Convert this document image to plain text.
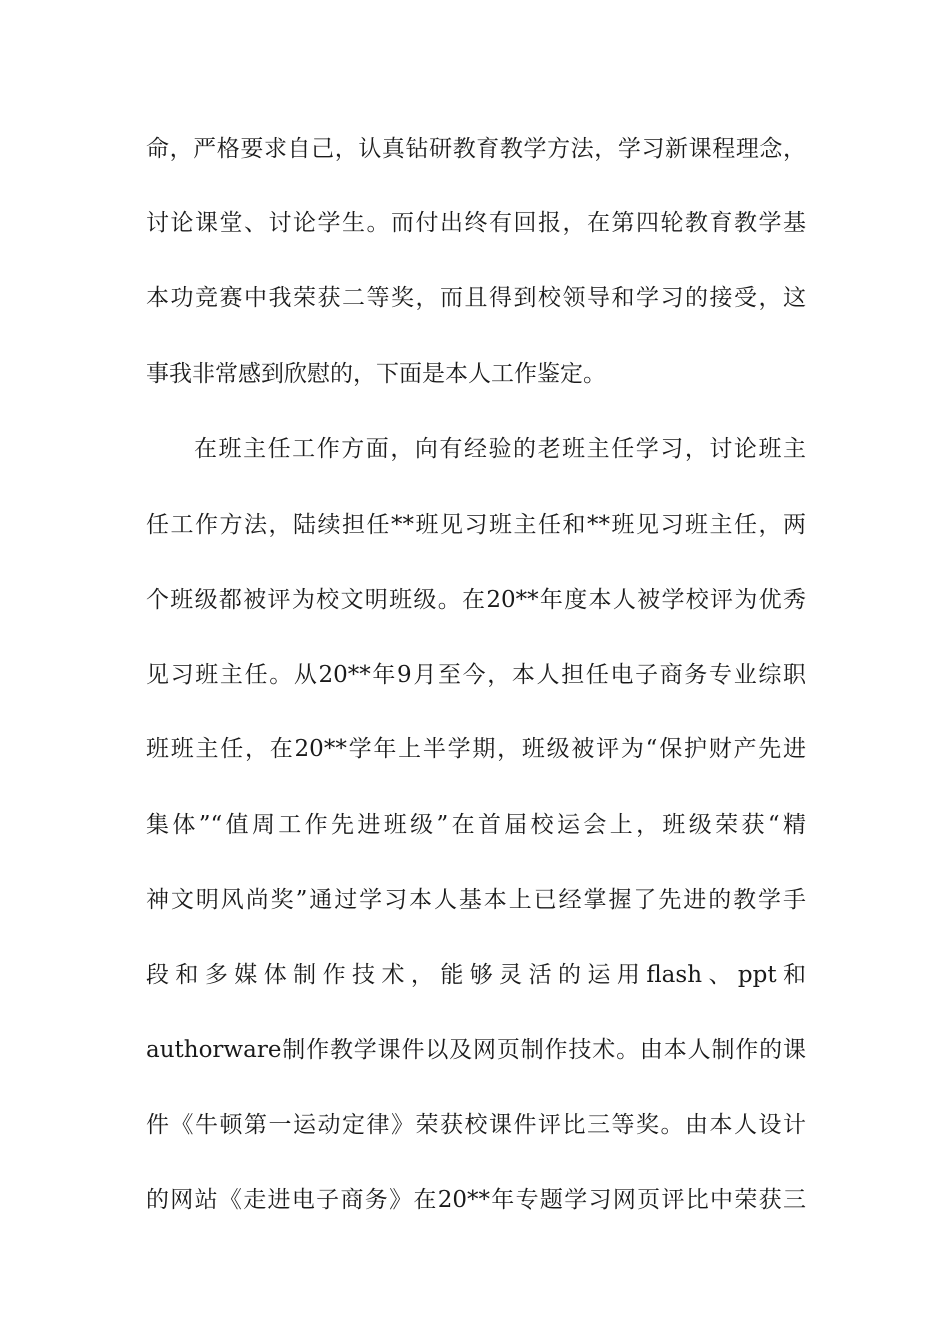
命，严格要求自己，认真钻研教育教学方法，学习新课程理念，

讨论课堂、讨论学生。而付出终有回报，在第四轮教育教学基

本功竞赛中我荣获二等奖，而且得到校领导和学习的接受，这

事我非常感到欣慰的，下面是本人工作鉴定。

在班主任工作方面，向有经验的老班主任学习，讨论班主

任工作方法，陆续担任**班见习班主任和**班见习班主任，两

个班级都被评为校文明班级。在20**年度本人被学校评为优秀

见习班主任。从20**年9月至今，本人担任电子商务专业综职

班班主任，在20**学年上半学期，班级被评为“保护财产先进

集体”“值周工作先进班级”在首届校运会上，班级荣获“精

神文明风尚奖”通过学习本人基本上已经掌握了先进的教学手

段和多媒体制作技术，能够灵活的运用flash、ppt和

authorware制作教学课件以及网页制作技术。由本人制作的课

件《牛顿第一运动定律》荣获校课件评比三等奖。由本人设计

的网站《走进电子商务》在20**年专题学习网页评比中荣获三
